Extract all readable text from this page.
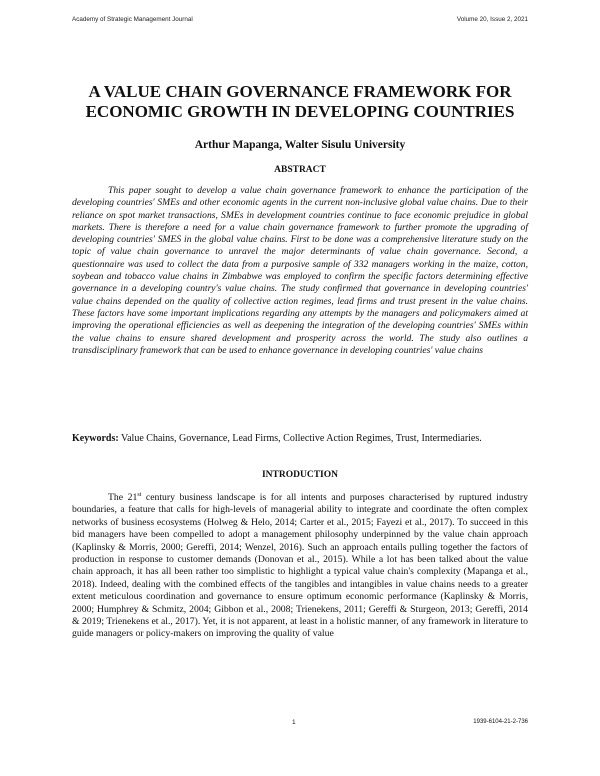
Academy of Strategic Management Journal	Volume 20, Issue 2, 2021
A VALUE CHAIN GOVERNANCE FRAMEWORK FOR
ECONOMIC GROWTH IN DEVELOPING COUNTRIES

Arthur Mapanga, Walter Sisulu University

ABSTRACT

This paper sought to develop a value chain governance framework to enhance the participation of the developing countries' SMEs and other economic agents in the current non-inclusive global value chains. Due to their reliance on spot market transactions, SMEs in development countries continue to face economic prejudice in global markets. There is therefore a need for a value chain governance framework to further promote the upgrading of developing countries' SMES in the global value chains. First to be done was a comprehensive literature study on the topic of value chain governance to unravel the major determinants of value chain governance. Second, a questionnaire was used to collect the data from a purposive sample of 332 managers working in the maize, cotton, soybean and tobacco value chains in Zimbabwe was employed to confirm the specific factors determining effective governance in a developing country's value chains. The study confirmed that governance in developing countries' value chains depended on the quality of collective action regimes, lead firms and trust present in the value chains. These factors have some important implications regarding any attempts by the managers and policymakers aimed at improving the operational efficiencies as well as deepening the integration of the developing countries' SMEs within the value chains to ensure shared development and prosperity across the world. The study also outlines a transdisciplinary framework that can be used to enhance governance in developing countries' value chains

Keywords: Value Chains, Governance, Lead Firms, Collective Action Regimes, Trust, Intermediaries.

INTRODUCTION

The 21st century business landscape is for all intents and purposes characterised by ruptured industry boundaries, a feature that calls for high-levels of managerial ability to integrate and coordinate the often complex networks of business ecosystems (Holweg & Helo, 2014; Carter et al., 2015; Fayezi et al., 2017). To succeed in this bid managers have been compelled to adopt a management philosophy underpinned by the value chain approach (Kaplinsky & Morris, 2000; Gereffi, 2014; Wenzel, 2016). Such an approach entails pulling together the factors of production in response to customer demands (Donovan et al., 2015). While a lot has been talked about the value chain approach, it has all been rather too simplistic to highlight a typical value chain's complexity (Mapanga et al., 2018). Indeed, dealing with the combined effects of the tangibles and intangibles in value chains needs to a greater extent meticulous coordination and governance to ensure optimum economic performance (Kaplinsky & Morris, 2000; Humphrey & Schmitz, 2004; Gibbon et al., 2008; Trienekens, 2011; Gereffi & Sturgeon, 2013; Gereffi, 2014 & 2019; Trienekens et al., 2017). Yet, it is not apparent, at least in a holistic manner, of any framework in literature to guide managers or policy-makers on improving the quality of value

1	1939-6104-21-2-736
